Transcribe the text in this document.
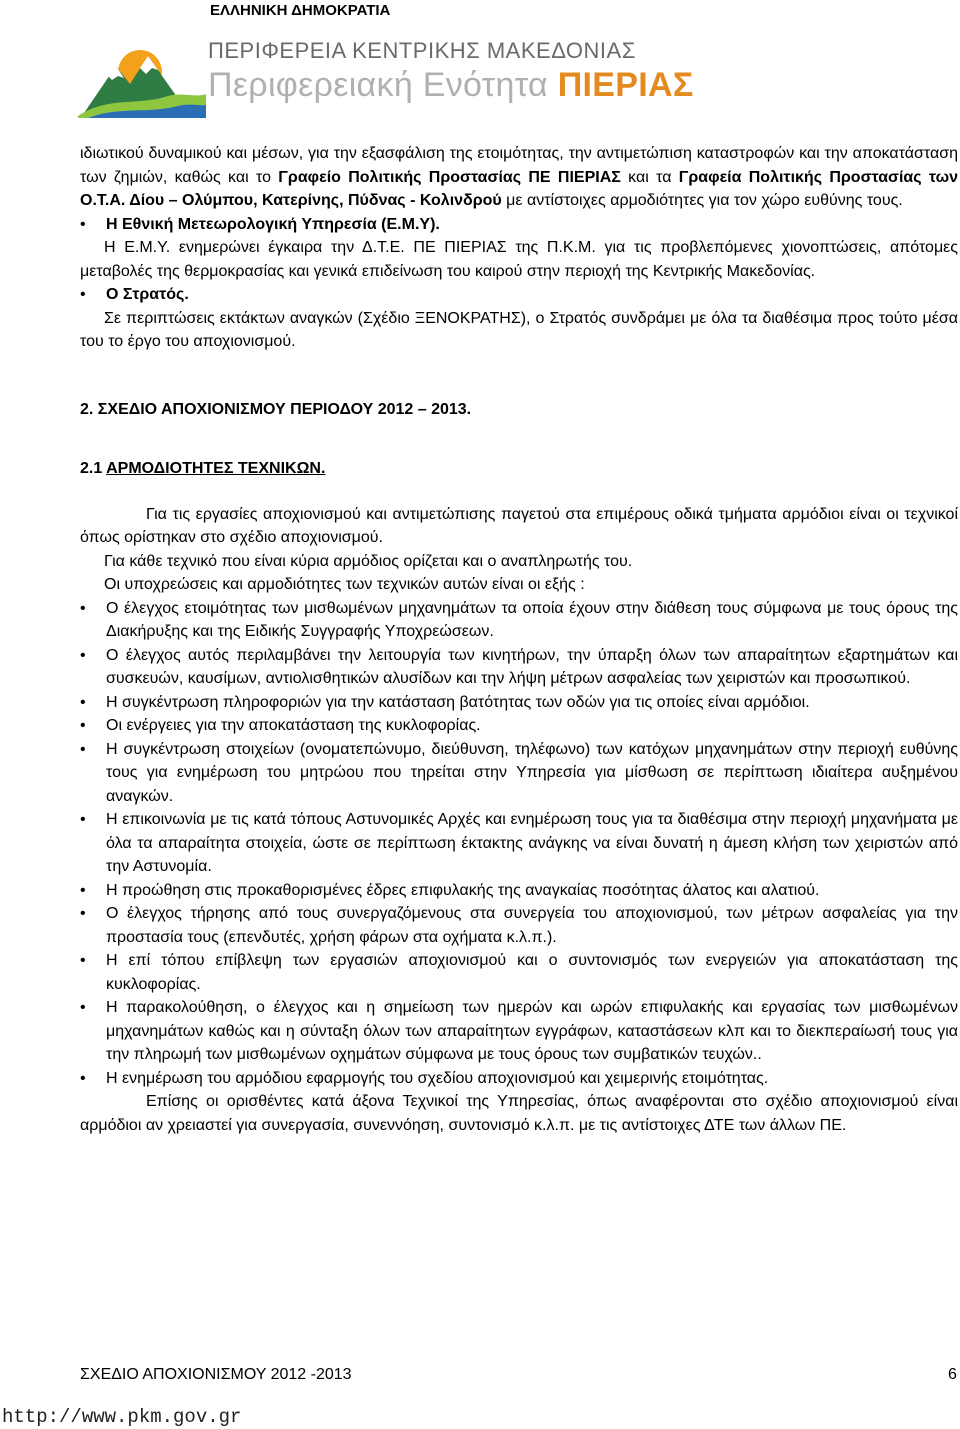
ΕΛΛΗΝΙΚΗ ΔΗΜΟΚΡΑΤΙΑ
ΠΕΡΙΦΕΡΕΙΑ ΚΕΝΤΡΙΚΗΣ ΜΑΚΕΔΟΝΙΑΣ
Περιφερειακή Ενότητα ΠΙΕΡΙΑΣ

ιδιωτικού δυναμικού και μέσων, για την εξασφάλιση της ετοιμότητας, την αντιμετώπιση καταστροφών και την αποκατάσταση των ζημιών, καθώς και το Γραφείο Πολιτικής Προστασίας ΠΕ ΠΙΕΡΙΑΣ και τα Γραφεία Πολιτικής Προστασίας των Ο.Τ.Α. Δίου – Ολύμπου, Κατερίνης, Πύδνας - Κολινδρού με αντίστοιχες αρμοδιότητες για τον χώρο ευθύνης τους.

• Η Εθνική Μετεωρολογική Υπηρεσία (Ε.Μ.Υ).

Η Ε.Μ.Υ. ενημερώνει έγκαιρα την Δ.Τ.Ε. ΠΕ ΠΙΕΡΙΑΣ της Π.Κ.Μ. για τις προβλεπόμενες χιονοπτώσεις, απότομες μεταβολές της θερμοκρασίας και γενικά επιδείνωση του καιρού στην περιοχή της Κεντρικής Μακεδονίας.

• Ο Στρατός.

Σε περιπτώσεις εκτάκτων αναγκών (Σχέδιο ΞΕΝΟΚΡΑΤΗΣ), ο Στρατός συνδράμει με όλα τα διαθέσιμα προς τούτο μέσα του το έργο του αποχιονισμού.

2. ΣΧΕΔΙΟ ΑΠΟΧΙΟΝΙΣΜΟΥ ΠΕΡΙΟΔΟΥ 2012 – 2013.
2.1 ΑΡΜΟΔΙΟΤΗΤΕΣ ΤΕΧΝΙΚΩΝ.

Για τις εργασίες αποχιονισμού και αντιμετώπισης παγετού στα επιμέρους οδικά τμήματα αρμόδιοι είναι οι τεχνικοί όπως ορίστηκαν στο σχέδιο αποχιονισμού.

Για κάθε τεχνικό που είναι κύρια αρμόδιος ορίζεται και ο αναπληρωτής του.

Οι υποχρεώσεις και αρμοδιότητες των τεχνικών αυτών είναι οι εξής :

• Ο έλεγχος ετοιμότητας των μισθωμένων μηχανημάτων τα οποία έχουν στην διάθεση τους σύμφωνα με τους όρους της Διακήρυξης και της Ειδικής Συγγραφής Υποχρεώσεων.
• Ο έλεγχος αυτός περιλαμβάνει την λειτουργία των κινητήρων, την ύπαρξη όλων των απαραίτητων εξαρτημάτων και συσκευών, καυσίμων, αντιολισθητικών αλυσίδων και την λήψη μέτρων ασφαλείας των χειριστών και προσωπικού.
• Η συγκέντρωση πληροφοριών για την κατάσταση βατότητας των οδών για τις οποίες είναι αρμόδιοι.
• Οι ενέργειες για την αποκατάσταση της κυκλοφορίας.
• Η συγκέντρωση στοιχείων (ονοματεπώνυμο, διεύθυνση, τηλέφωνο) των κατόχων μηχανημάτων στην περιοχή ευθύνης τους για ενημέρωση του μητρώου που τηρείται στην Υπηρεσία για μίσθωση σε περίπτωση ιδιαίτερα αυξημένου αναγκών.
• Η επικοινωνία με τις κατά τόπους Αστυνομικές Αρχές και ενημέρωση τους για τα διαθέσιμα στην περιοχή μηχανήματα με όλα τα απαραίτητα στοιχεία, ώστε σε περίπτωση έκτακτης ανάγκης να είναι δυνατή η άμεση κλήση των χειριστών από την Αστυνομία.
• Η προώθηση στις προκαθορισμένες έδρες επιφυλακής της αναγκαίας ποσότητας άλατος και αλατιού.
• Ο έλεγχος τήρησης από τους συνεργαζόμενους στα συνεργεία του αποχιονισμού, των μέτρων ασφαλείας για την προστασία τους (επενδυτές, χρήση φάρων στα οχήματα κ.λ.π.).
• Η επί τόπου επίβλεψη των εργασιών αποχιονισμού και ο συντονισμός των ενεργειών για αποκατάσταση της κυκλοφορίας.
• Η παρακολούθηση, ο έλεγχος και η σημείωση των ημερών και ωρών επιφυλακής και εργασίας των μισθωμένων μηχανημάτων καθώς και η σύνταξη όλων των απαραίτητων εγγράφων, καταστάσεων κλπ και το διεκπεραίωσή τους για την πληρωμή των μισθωμένων οχημάτων σύμφωνα με τους όρους των συμβατικών τευχών..
• Η ενημέρωση του αρμόδιου εφαρμογής του σχεδίου αποχιονισμού και χειμερινής ετοιμότητας.

Επίσης οι ορισθέντες κατά άξονα Τεχνικοί της Υπηρεσίας, όπως αναφέρονται στο σχέδιο αποχιονισμού είναι αρμόδιοι αν χρειαστεί για συνεργασία, συνεννόηση, συντονισμό κ.λ.π. με τις αντίστοιχες ΔΤΕ των άλλων ΠΕ.

ΣΧΕΔΙΟ ΑΠΟΧΙΟΝΙΣΜΟΥ 2012 -2013	6
http://www.pkm.gov.gr
